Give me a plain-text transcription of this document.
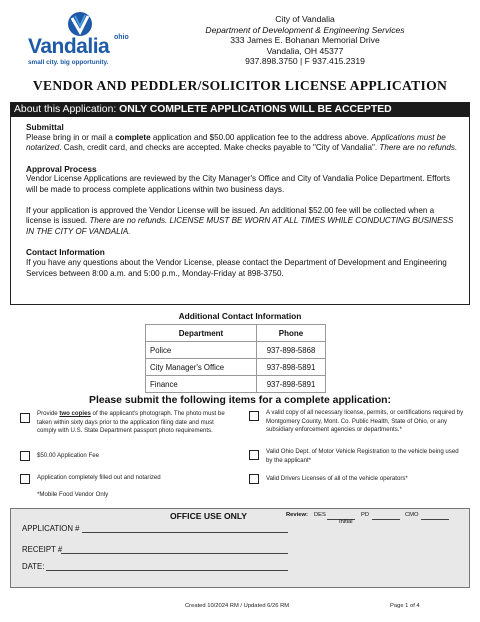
Vandalia ohio
small city. big opportunity.
City of Vandalia
Department of Development & Engineering Services
333 James E. Bohanan Memorial Drive
Vandalia, OH 45377
937.898.3750 | F 937.415.2319
VENDOR AND PEDDLER/SOLICITOR LICENSE APPLICATION
About this Application: ONLY COMPLETE APPLICATIONS WILL BE ACCEPTED
Submittal

Please bring in or mail a complete application and $50.00 application fee to the address above. Applications must be notarized. Cash, credit card, and checks are accepted. Make checks payable to "City of Vandalia". There are no refunds.

Approval Process

Vendor License Applications are reviewed by the City Manager's Office and City of Vandalia Police Department. Efforts will be made to process complete applications within two business days.

If your application is approved the Vendor License will be issued. An additional $52.00 fee will be collected when a license is issued. There are no refunds. LICENSE MUST BE WORN AT ALL TIMES WHILE CONDUCTING BUSINESS IN THE CITY OF VANDALIA.

Contact Information

If you have any questions about the Vendor License, please contact the Department of Development and Engineering Services between 8:00 a.m. and 5:00 p.m., Monday-Friday at 898-3750.

Additional Contact Information
Department	Phone
Police	937-898-5868
City Manager's Office	937-898-5891
Finance	937-898-5891
Please submit the following items for a complete application:
Provide two copies of the applicant's photograph. The photo must be taken within sixty days prior to the application filing date and must comply with U.S. State Department passport photo requirements.
A valid copy of all necessary license, permits, or certifications required by Montgomery County, Mont. Co. Public Health, State of Ohio, or any subsidiary enforcement agencies or departments.*
$50.00 Application Fee
Valid Ohio Dept. of Motor Vehicle Registration to the vehicle being used by the applicant*
Application completely filled out and notarized	Valid Drivers Licenses of all of the vehicle operators*
*Mobile Food Vendor Only
OFFICE USE ONLY	Review: DES
Initial
PD	CMO
APPLICATION #
RECEIPT #
DATE:
Created 10/2024 RM / Updated 6/26 RM	Page 1 of 4
